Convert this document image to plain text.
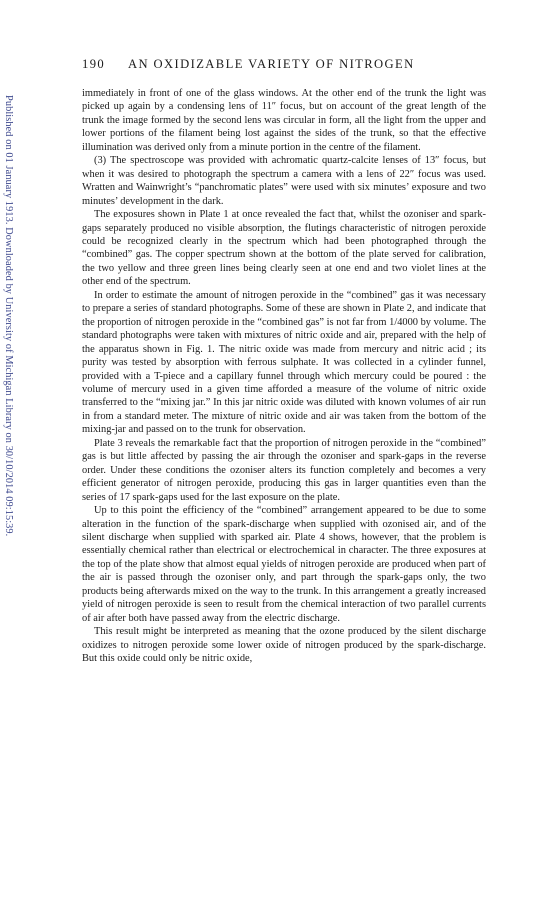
Published on 01 January 1913. Downloaded by University of Michigan Library on 30/10/2014 09:15:39.
190 AN OXIDIZABLE VARIETY OF NITROGEN

immediately in front of one of the glass windows. At the other end of the trunk the light was picked up again by a condensing lens of 11″ focus, but on account of the great length of the trunk the image formed by the second lens was circular in form, all the light from the upper and lower portions of the filament being lost against the sides of the trunk, so that the effective illumination was derived only from a minute portion in the centre of the filament.

(3) The spectroscope was provided with achromatic quartz-calcite lenses of 13″ focus, but when it was desired to photograph the spectrum a camera with a lens of 22″ focus was used. Wratten and Wainwright’s “panchromatic plates” were used with six minutes’ exposure and two minutes’ development in the dark.

The exposures shown in Plate 1 at once revealed the fact that, whilst the ozoniser and spark-gaps separately produced no visible absorption, the flutings characteristic of nitrogen peroxide could be recognized clearly in the spectrum which had been photographed through the “combined” gas. The copper spectrum shown at the bottom of the plate served for calibration, the two yellow and three green lines being clearly seen at one end and two violet lines at the other end of the spectrum.

In order to estimate the amount of nitrogen peroxide in the “combined” gas it was necessary to prepare a series of standard photographs. Some of these are shown in Plate 2, and indicate that the proportion of nitrogen peroxide in the “combined gas” is not far from 1/4000 by volume. The standard photographs were taken with mixtures of nitric oxide and air, prepared with the help of the apparatus shown in Fig. 1. The nitric oxide was made from mercury and nitric acid ; its purity was tested by absorption with ferrous sulphate. It was collected in a cylinder funnel, provided with a T-piece and a capillary funnel through which mercury could be poured : the volume of mercury used in a given time afforded a measure of the volume of nitric oxide transferred to the “mixing jar.” In this jar nitric oxide was diluted with known volumes of air run in from a standard meter. The mixture of nitric oxide and air was taken from the bottom of the mixing-jar and passed on to the trunk for observation.

Plate 3 reveals the remarkable fact that the proportion of nitrogen peroxide in the “combined” gas is but little affected by passing the air through the ozoniser and spark-gaps in the reverse order. Under these conditions the ozoniser alters its function completely and becomes a very efficient generator of nitrogen peroxide, producing this gas in larger quantities even than the series of 17 spark-gaps used for the last exposure on the plate.

Up to this point the efficiency of the “combined” arrangement appeared to be due to some alteration in the function of the spark-discharge when supplied with ozonised air, and of the silent discharge when supplied with sparked air. Plate 4 shows, however, that the problem is essentially chemical rather than electrical or electrochemical in character. The three exposures at the top of the plate show that almost equal yields of nitrogen peroxide are produced when part of the air is passed through the ozoniser only, and part through the spark-gaps only, the two products being afterwards mixed on the way to the trunk. In this arrangement a greatly increased yield of nitrogen peroxide is seen to result from the chemical interaction of two parallel currents of air after both have passed away from the electric discharge.

This result might be interpreted as meaning that the ozone produced by the silent discharge oxidizes to nitrogen peroxide some lower oxide of nitrogen produced by the spark-discharge. But this oxide could only be nitric oxide,
